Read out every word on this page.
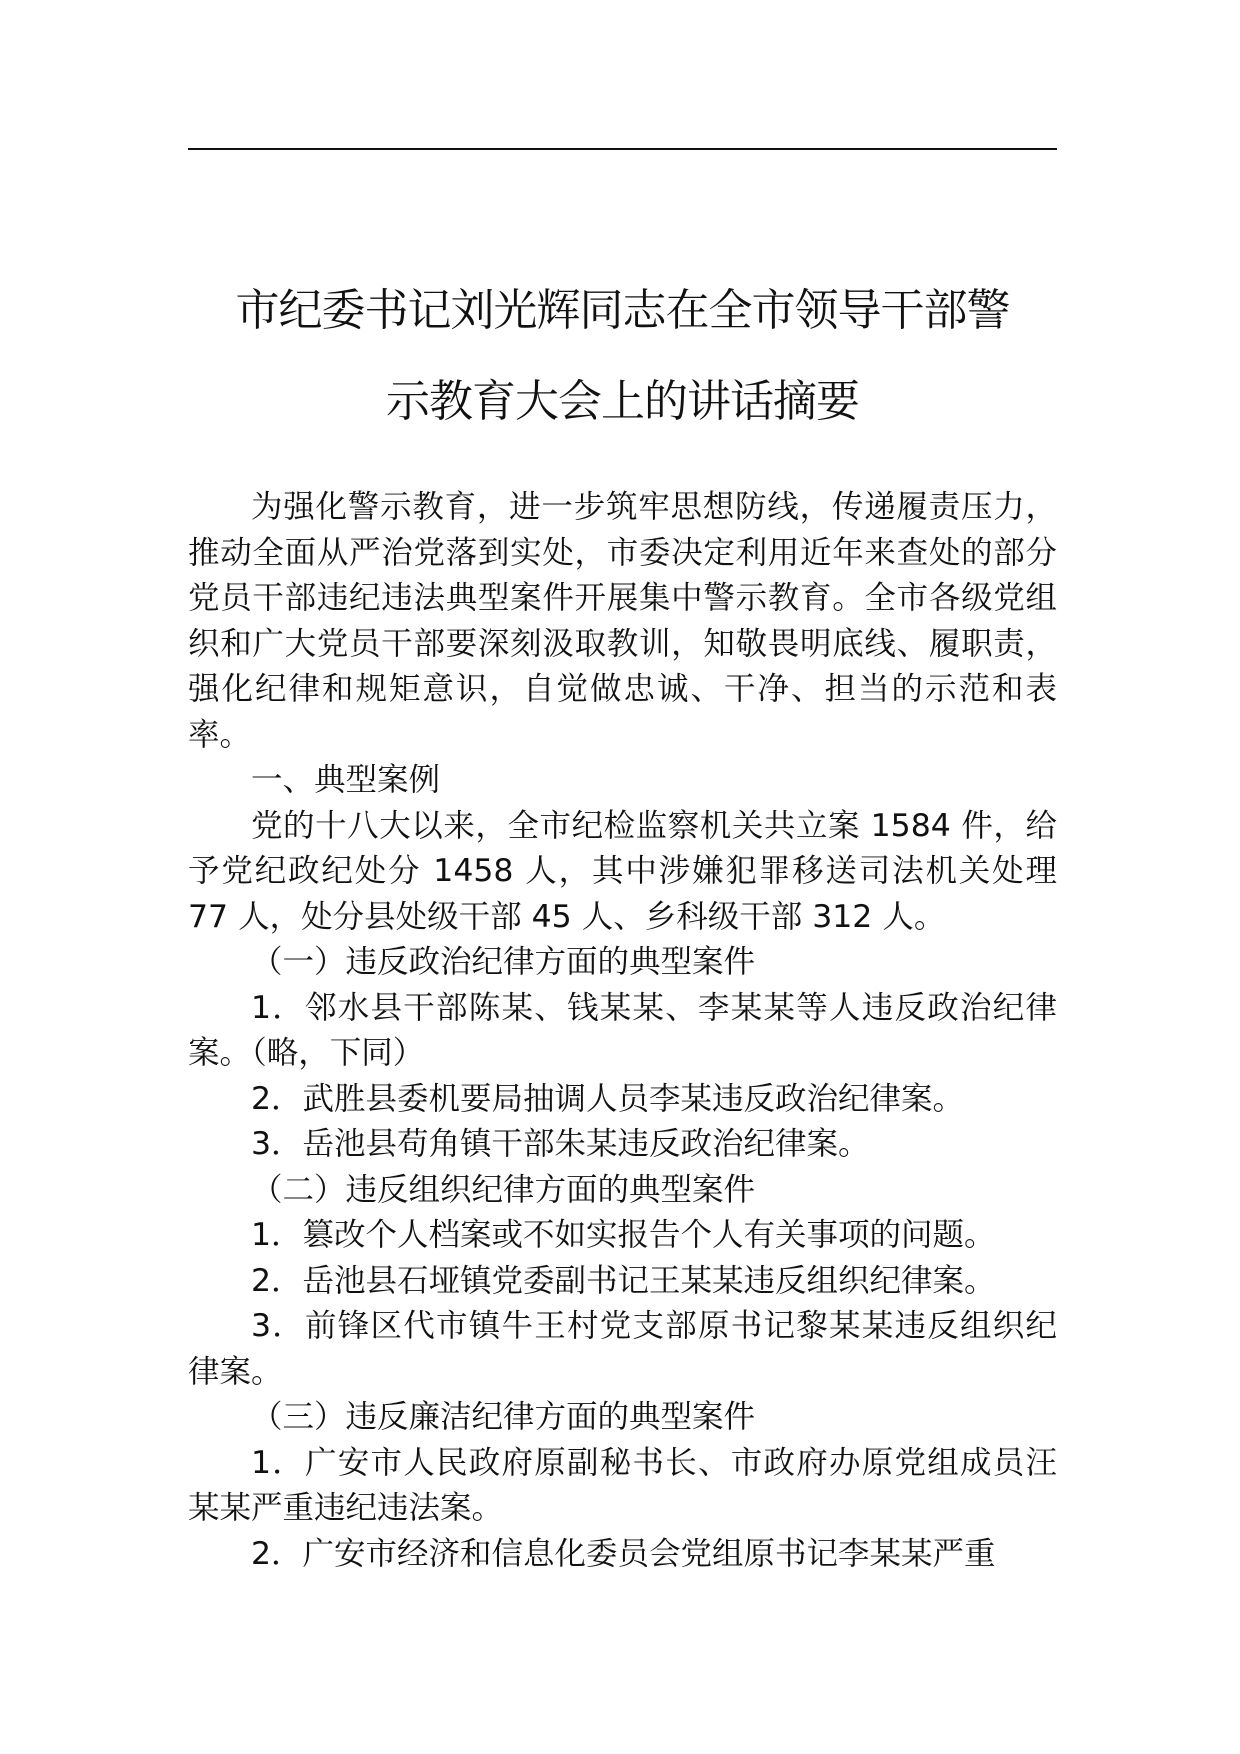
市纪委书记刘光辉同志在全市领导干部警
示教育大会上的讲话摘要

为强化警示教育，进一步筑牢思想防线，传递履责压力，推动全面从严治党落到实处，市委决定利用近年来查处的部分党员干部违纪违法典型案件开展集中警示教育。全市各级党组织和广大党员干部要深刻汲取教训，知敬畏明底线、履职责，强化纪律和规矩意识，自觉做忠诚、干净、担当的示范和表率。

一、典型案例

党的十八大以来，全市纪检监察机关共立案 1584 件，给予党纪政纪处分 1458 人，其中涉嫌犯罪移送司法机关处理 77 人，处分县处级干部 45 人、乡科级干部 312 人。

（一）违反政治纪律方面的典型案件

1．邻水县干部陈某、钱某某、李某某等人违反政治纪律案。（略，下同）

2．武胜县委机要局抽调人员李某违反政治纪律案。

3．岳池县苟角镇干部朱某违反政治纪律案。

（二）违反组织纪律方面的典型案件

1．篡改个人档案或不如实报告个人有关事项的问题。

2．岳池县石垭镇党委副书记王某某违反组织纪律案。

3．前锋区代市镇牛王村党支部原书记黎某某违反组织纪律案。

（三）违反廉洁纪律方面的典型案件

1．广安市人民政府原副秘书长、市政府办原党组成员汪某某严重违纪违法案。

2．广安市经济和信息化委员会党组原书记李某某严重
